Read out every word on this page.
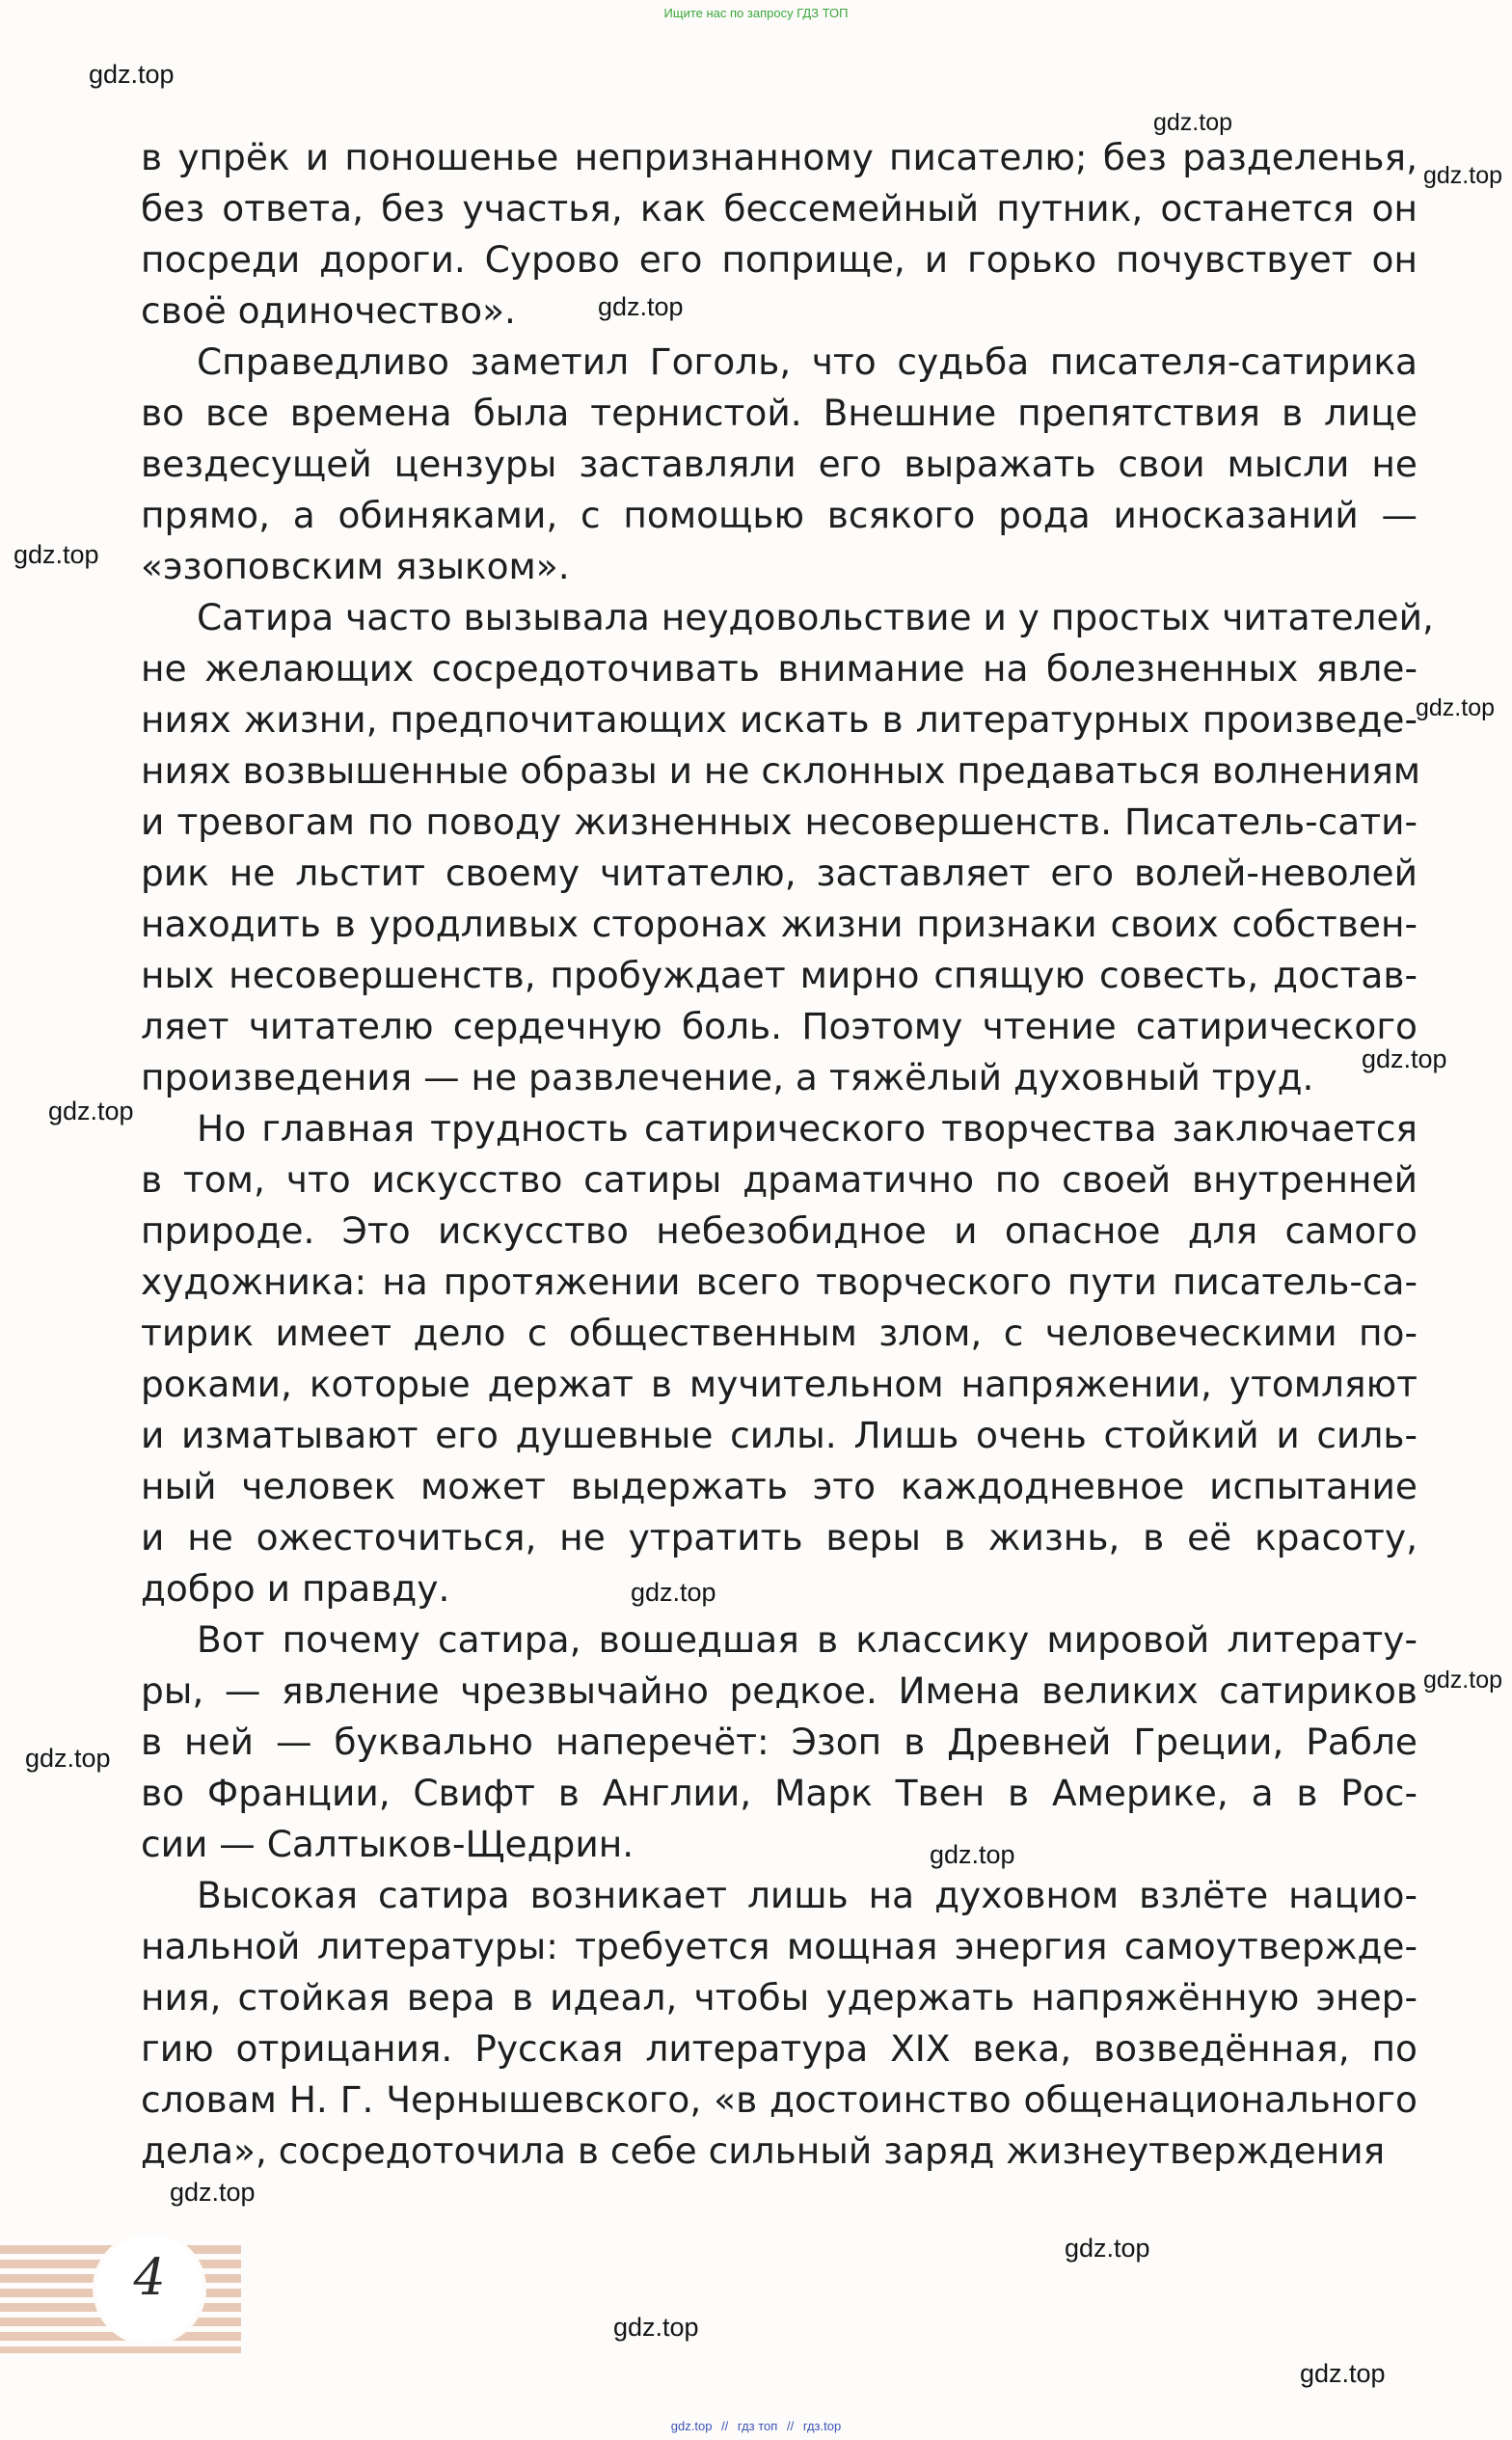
Ищите нас по запросу ГДЗ ТОП
в упрёк и поношенье непризнанному писателю; без разделенья,
без ответа, без участья, как бессемейный путник, останется он
посреди дороги. Сурово его поприще, и горько почувствует он
своё одиночество».
Справедливо заметил Гоголь, что судьба писателя-сатирика
во все времена была тернистой. Внешние препятствия в лице
вездесущей цензуры заставляли его выражать свои мысли не
прямо, а обиняками, с помощью всякого рода иносказаний —
«эзоповским языком».
Сатира часто вызывала неудовольствие и у простых читателей,
не желающих сосредоточивать внимание на болезненных явле-
ниях жизни, предпочитающих искать в литературных произведе-
ниях возвышенные образы и не склонных предаваться волнениям
и тревогам по поводу жизненных несовершенств. Писатель-сати-
рик не льстит своему читателю, заставляет его волей-неволей
находить в уродливых сторонах жизни признаки своих собствен-
ных несовершенств, пробуждает мирно спящую совесть, достав-
ляет читателю сердечную боль. Поэтому чтение сатирического
произведения — не развлечение, а тяжёлый духовный труд.
Но главная трудность сатирического творчества заключается
в том, что искусство сатиры драматично по своей внутренней
природе. Это искусство небезобидное и опасное для самого
художника: на протяжении всего творческого пути писатель-са-
тирик имеет дело с общественным злом, с человеческими по-
роками, которые держат в мучительном напряжении, утомляют
и изматывают его душевные силы. Лишь очень стойкий и силь-
ный человек может выдержать это каждодневное испытание
и не ожесточиться, не утратить веры в жизнь, в её красоту,
добро и правду.
Вот почему сатира, вошедшая в классику мировой литерату-
ры, — явление чрезвычайно редкое. Имена великих сатириков
в ней — буквально наперечёт: Эзоп в Древней Греции, Рабле
во Франции, Свифт в Англии, Марк Твен в Америке, а в Рос-
сии — Салтыков-Щедрин.
Высокая сатира возникает лишь на духовном взлёте нацио-
нальной литературы: требуется мощная энергия самоутвержде-
ния, стойкая вера в идеал, чтобы удержать напряжённую энер-
гию отрицания. Русская литература XIX века, возведённая, по
словам Н. Г. Чернышевского, «в достоинство общенационального
дела», сосредоточила в себе сильный заряд жизнеутверждения
4
gdz.top
gdz.top
gdz.top
gdz.top
gdz.top
gdz.top
gdz.top
gdz.top
gdz.top
gdz.top
gdz.top
gdz.top
gdz.top
gdz.top
gdz.top
gdz.top
gdz.top // гдз топ // гдз.top
